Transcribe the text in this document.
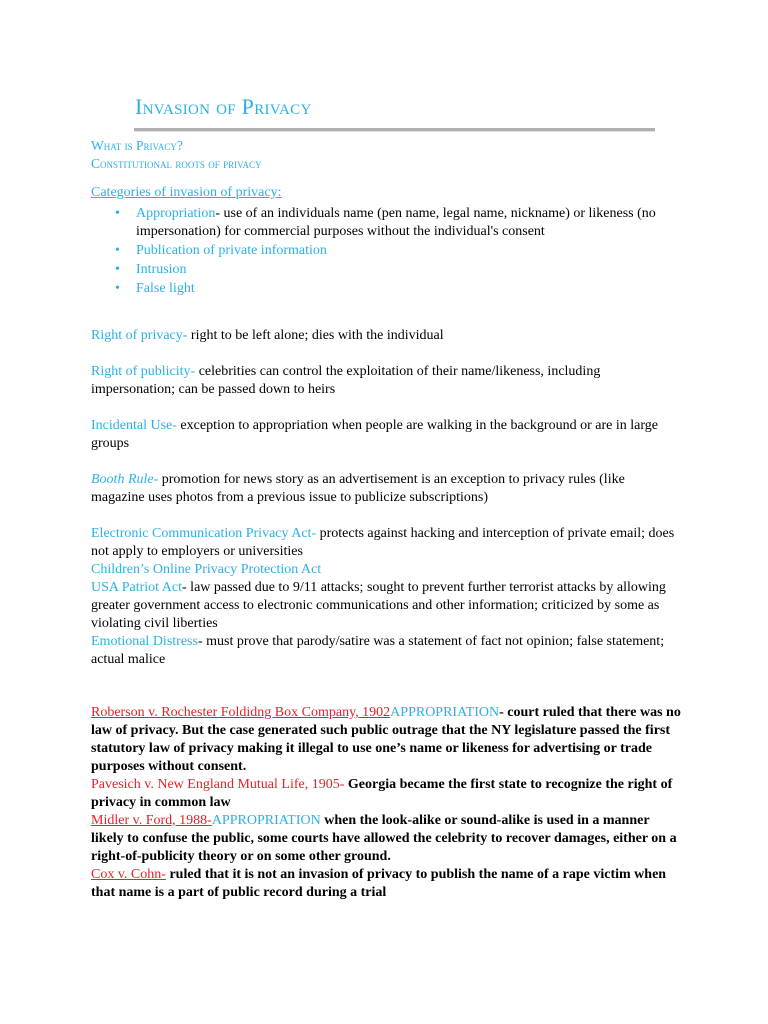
Invasion of Privacy

What is Privacy?

Constitutional roots of privacy

Categories of invasion of privacy:

• Appropriation- use of an individuals name (pen name, legal name, nickname) or likeness (no impersonation) for commercial purposes without the individual's consent
• Publication of private information
• Intrusion
• False light

Right of privacy- right to be left alone; dies with the individual

Right of publicity- celebrities can control the exploitation of their name/likeness, including impersonation; can be passed down to heirs

Incidental Use- exception to appropriation when people are walking in the background or are in large groups

Booth Rule- promotion for news story as an advertisement is an exception to privacy rules (like magazine uses photos from a previous issue to publicize subscriptions)

Electronic Communication Privacy Act- protects against hacking and interception of private email; does not apply to employers or universities

Children’s Online Privacy Protection Act

USA Patriot Act- law passed due to 9/11 attacks; sought to prevent further terrorist attacks by allowing greater government access to electronic communications and other information; criticized by some as violating civil liberties

Emotional Distress- must prove that parody/satire was a statement of fact not opinion; false statement; actual malice

Roberson v. Rochester Foldidng Box Company, 1902APPROPRIATION- court ruled that there was no law of privacy. But the case generated such public outrage that the NY legislature passed the first statutory law of privacy making it illegal to use one’s name or likeness for advertising or trade purposes without consent.

Pavesich v. New England Mutual Life, 1905- Georgia became the first state to recognize the right of privacy in common law

Midler v. Ford, 1988-APPROPRIATION when the look-alike or sound-alike is used in a manner likely to confuse the public, some courts have allowed the celebrity to recover damages, either on a right-of-publicity theory or on some other ground.

Cox v. Cohn- ruled that it is not an invasion of privacy to publish the name of a rape victim when that name is a part of public record during a trial
